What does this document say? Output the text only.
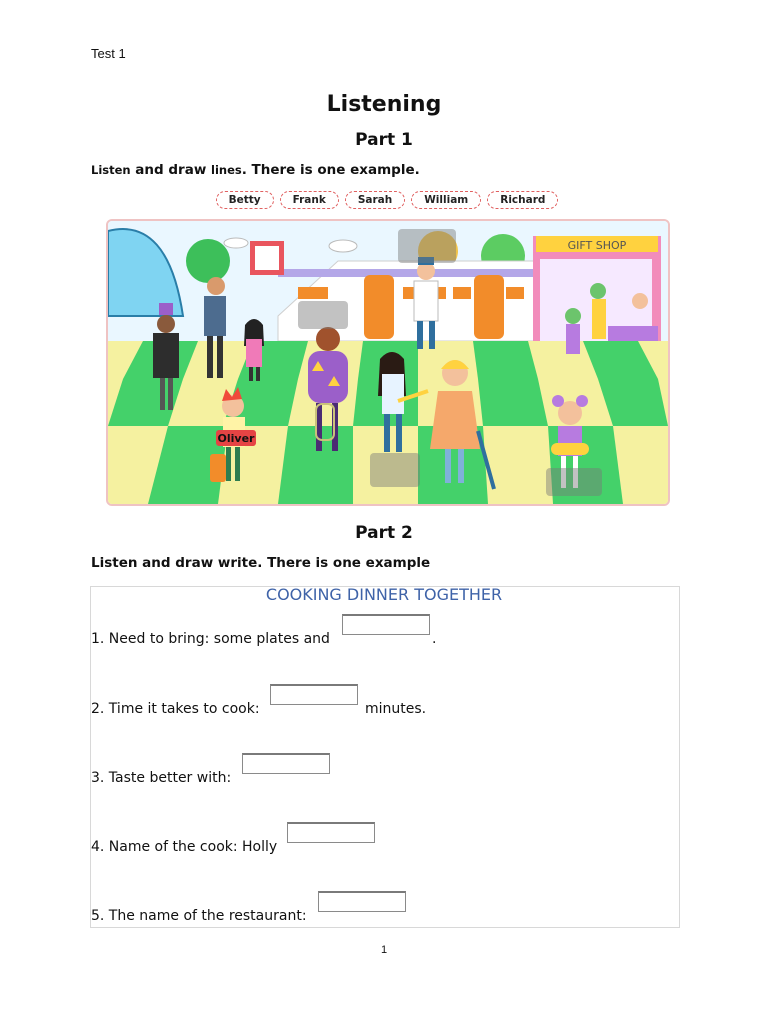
Test 1
Listening
Part 1
Listen and draw lines. There is one example.
Betty	Frank	Sarah	William	Richard
GIFT SHOP
Oliver
Part 2
Listen and draw write. There is one example
COOKING DINNER TOGETHER
1. Need to bring: some plates and	.
2. Time it takes to cook:	minutes.
3. Taste better with:
4. Name of the cook: Holly
5. The name of the restaurant:
1
